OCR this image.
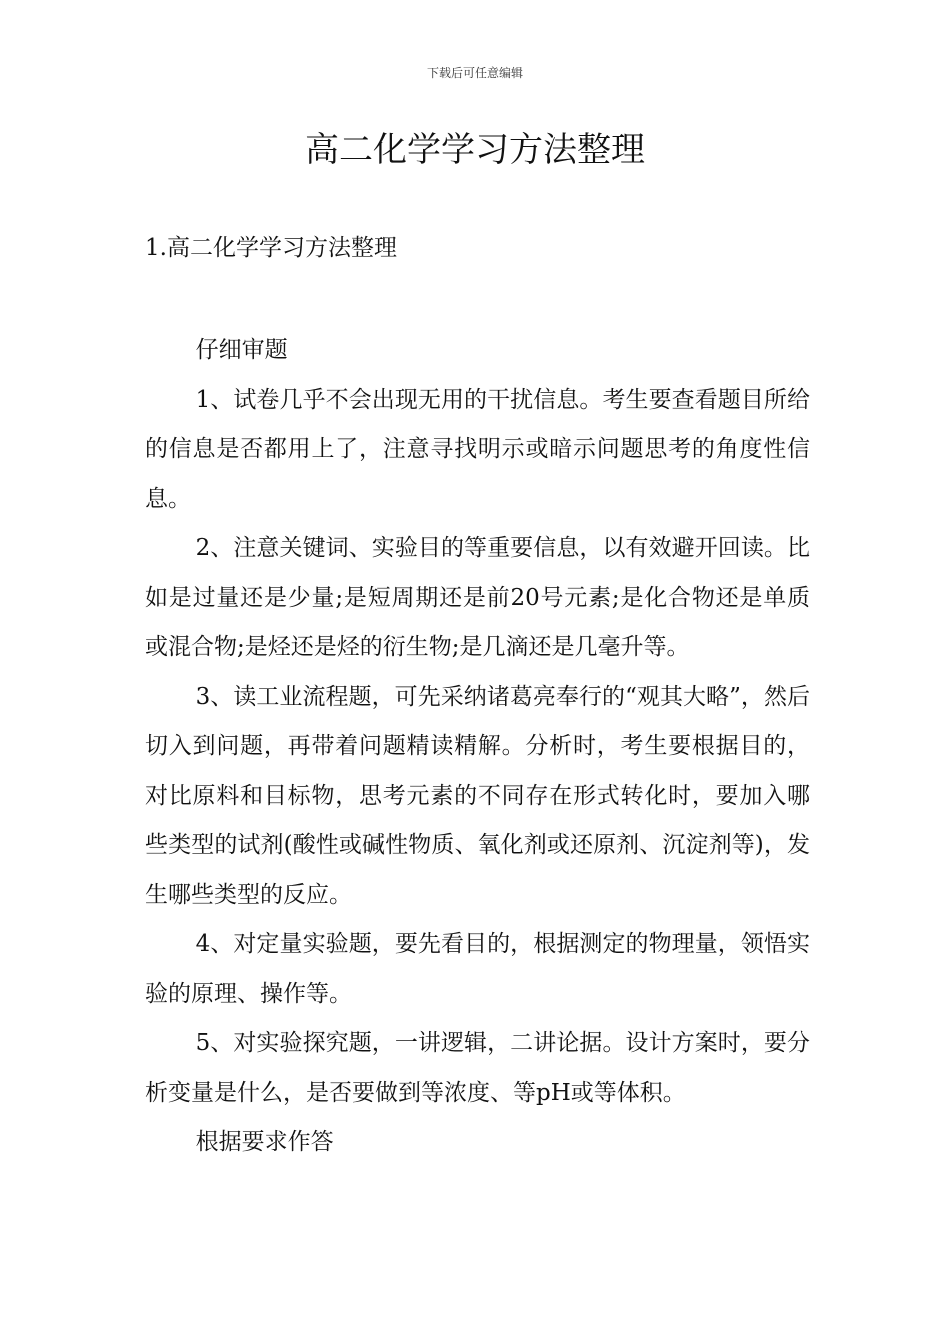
下载后可任意编辑
高二化学学习方法整理
1.高二化学学习方法整理

仔细审题

1、试卷几乎不会出现无用的干扰信息。考生要查看题目所给的信息是否都用上了，注意寻找明示或暗示问题思考的角度性信息。

2、注意关键词、实验目的等重要信息，以有效避开回读。比如是过量还是少量;是短周期还是前20号元素;是化合物还是单质或混合物;是烃还是烃的衍生物;是几滴还是几毫升等。

3、读工业流程题，可先采纳诸葛亮奉行的“观其大略”，然后切入到问题，再带着问题精读精解。分析时，考生要根据目的，对比原料和目标物，思考元素的不同存在形式转化时，要加入哪些类型的试剂(酸性或碱性物质、氧化剂或还原剂、沉淀剂等)，发生哪些类型的反应。

4、对定量实验题，要先看目的，根据测定的物理量，领悟实验的原理、操作等。

5、对实验探究题，一讲逻辑，二讲论据。设计方案时，要分析变量是什么，是否要做到等浓度、等pH或等体积。

根据要求作答
